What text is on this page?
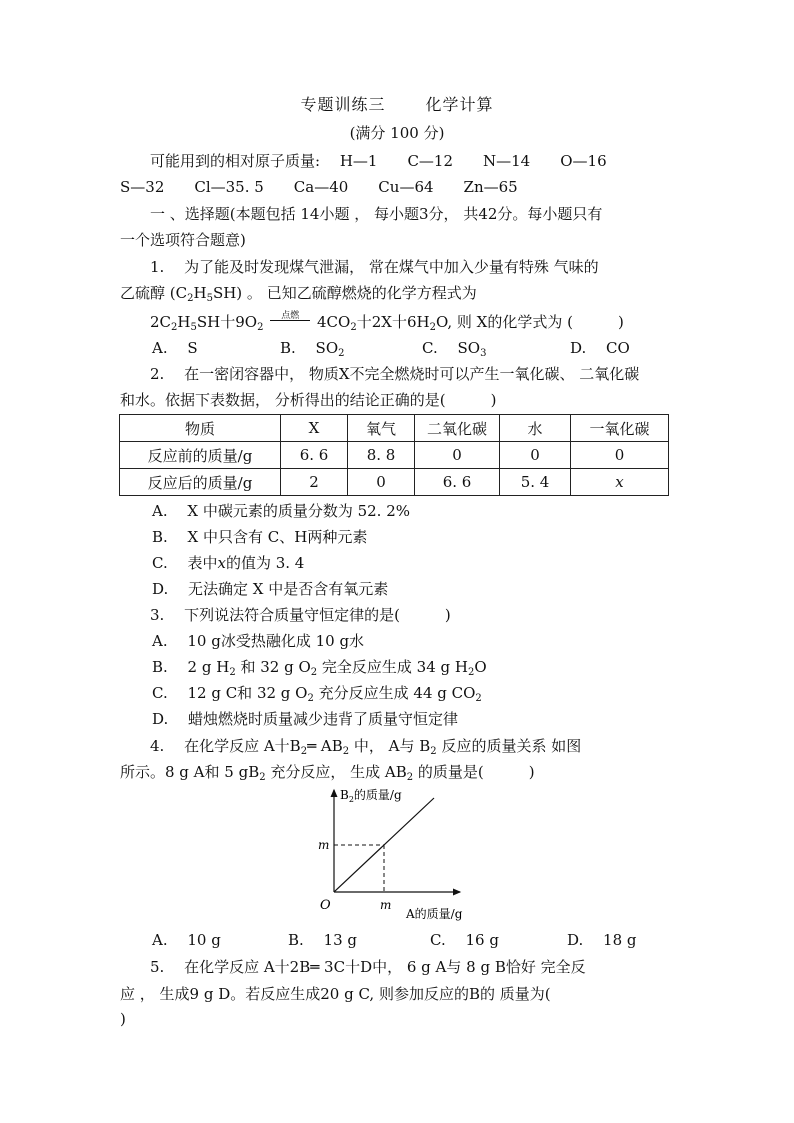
专题训练三	化学计算
(满分 100 分)
可能用到的相对原子质量:　 H—1　　C—12　　N—14　　O—16
S—32　　Cl—35. 5　　Ca—40　　Cu—64　　Zn—65
一 、选择题(本题包括 14小题 ， 每小题3分， 共42分。每小题只有
一个选项符合题意)
1.　 为了能及时发现煤气泄漏， 常在煤气中加入少量有特殊 气味的
乙硫醇 $(C_2H_5SH)$ 。 已知乙硫醇燃烧的化学方程式为
$2C_2H_5SH$十$9O_2$
点燃	$4CO_2$十2X十$6H_2O$, 则 X的化学式为 (　　　)
A.　 S	B.　 $SO_2$	C.　 $SO_3$	D.　 CO
2.　 在一密闭容器中， 物质X不完全燃烧时可以产生一氧化碳、 二氧化碳
和水。依据下表数据， 分析得出的结论正确的是(　　　)
物质	X	氧气	二氧化碳	水	一氧化碳
反应前的质量/g	6. 6	8. 8	0	0	0
反应后的质量/g	2	0	6. 6	5. 4	x
A.　 X 中碳元素的质量分数为 52. 2%
B.　 X 中只含有 C、H两种元素
C.　 表中x的值为 3. 4
D.　 无法确定 X 中是否含有氧元素
3.　 下列说法符合质量守恒定律的是(　　　)
A.　 10 g冰受热融化成 10 g水
B.　 2 g $H_2$ 和 32 g $O_2$ 完全反应生成 34 g $H_2O$
C.　 12 g C和 32 g $O_2$ 充分反应生成 44 g $CO_2$
D.　 蜡烛燃烧时质量减少违背了质量守恒定律
4.　 在化学反应 A十$B_2═$ $AB_2$ 中， A与 $B_2$ 反应的质量关系 如图
所示。8 g A和 5 $gB_2$ 充分反应， 生成 $AB_2$ 的质量是(　　　)
$B_2$的质量/g
A的质量/g
O
m
m
A.　 10 g	B.　 13 g	C.　 16 g	D.　 18 g
5.　 在化学反应 A十2B═ 3C十D中， 6 g A与 8 g B恰好 完全反
应 ， 生成9 g D。若反应生成20 g C, 则参加反应的B的 质量为(
)
